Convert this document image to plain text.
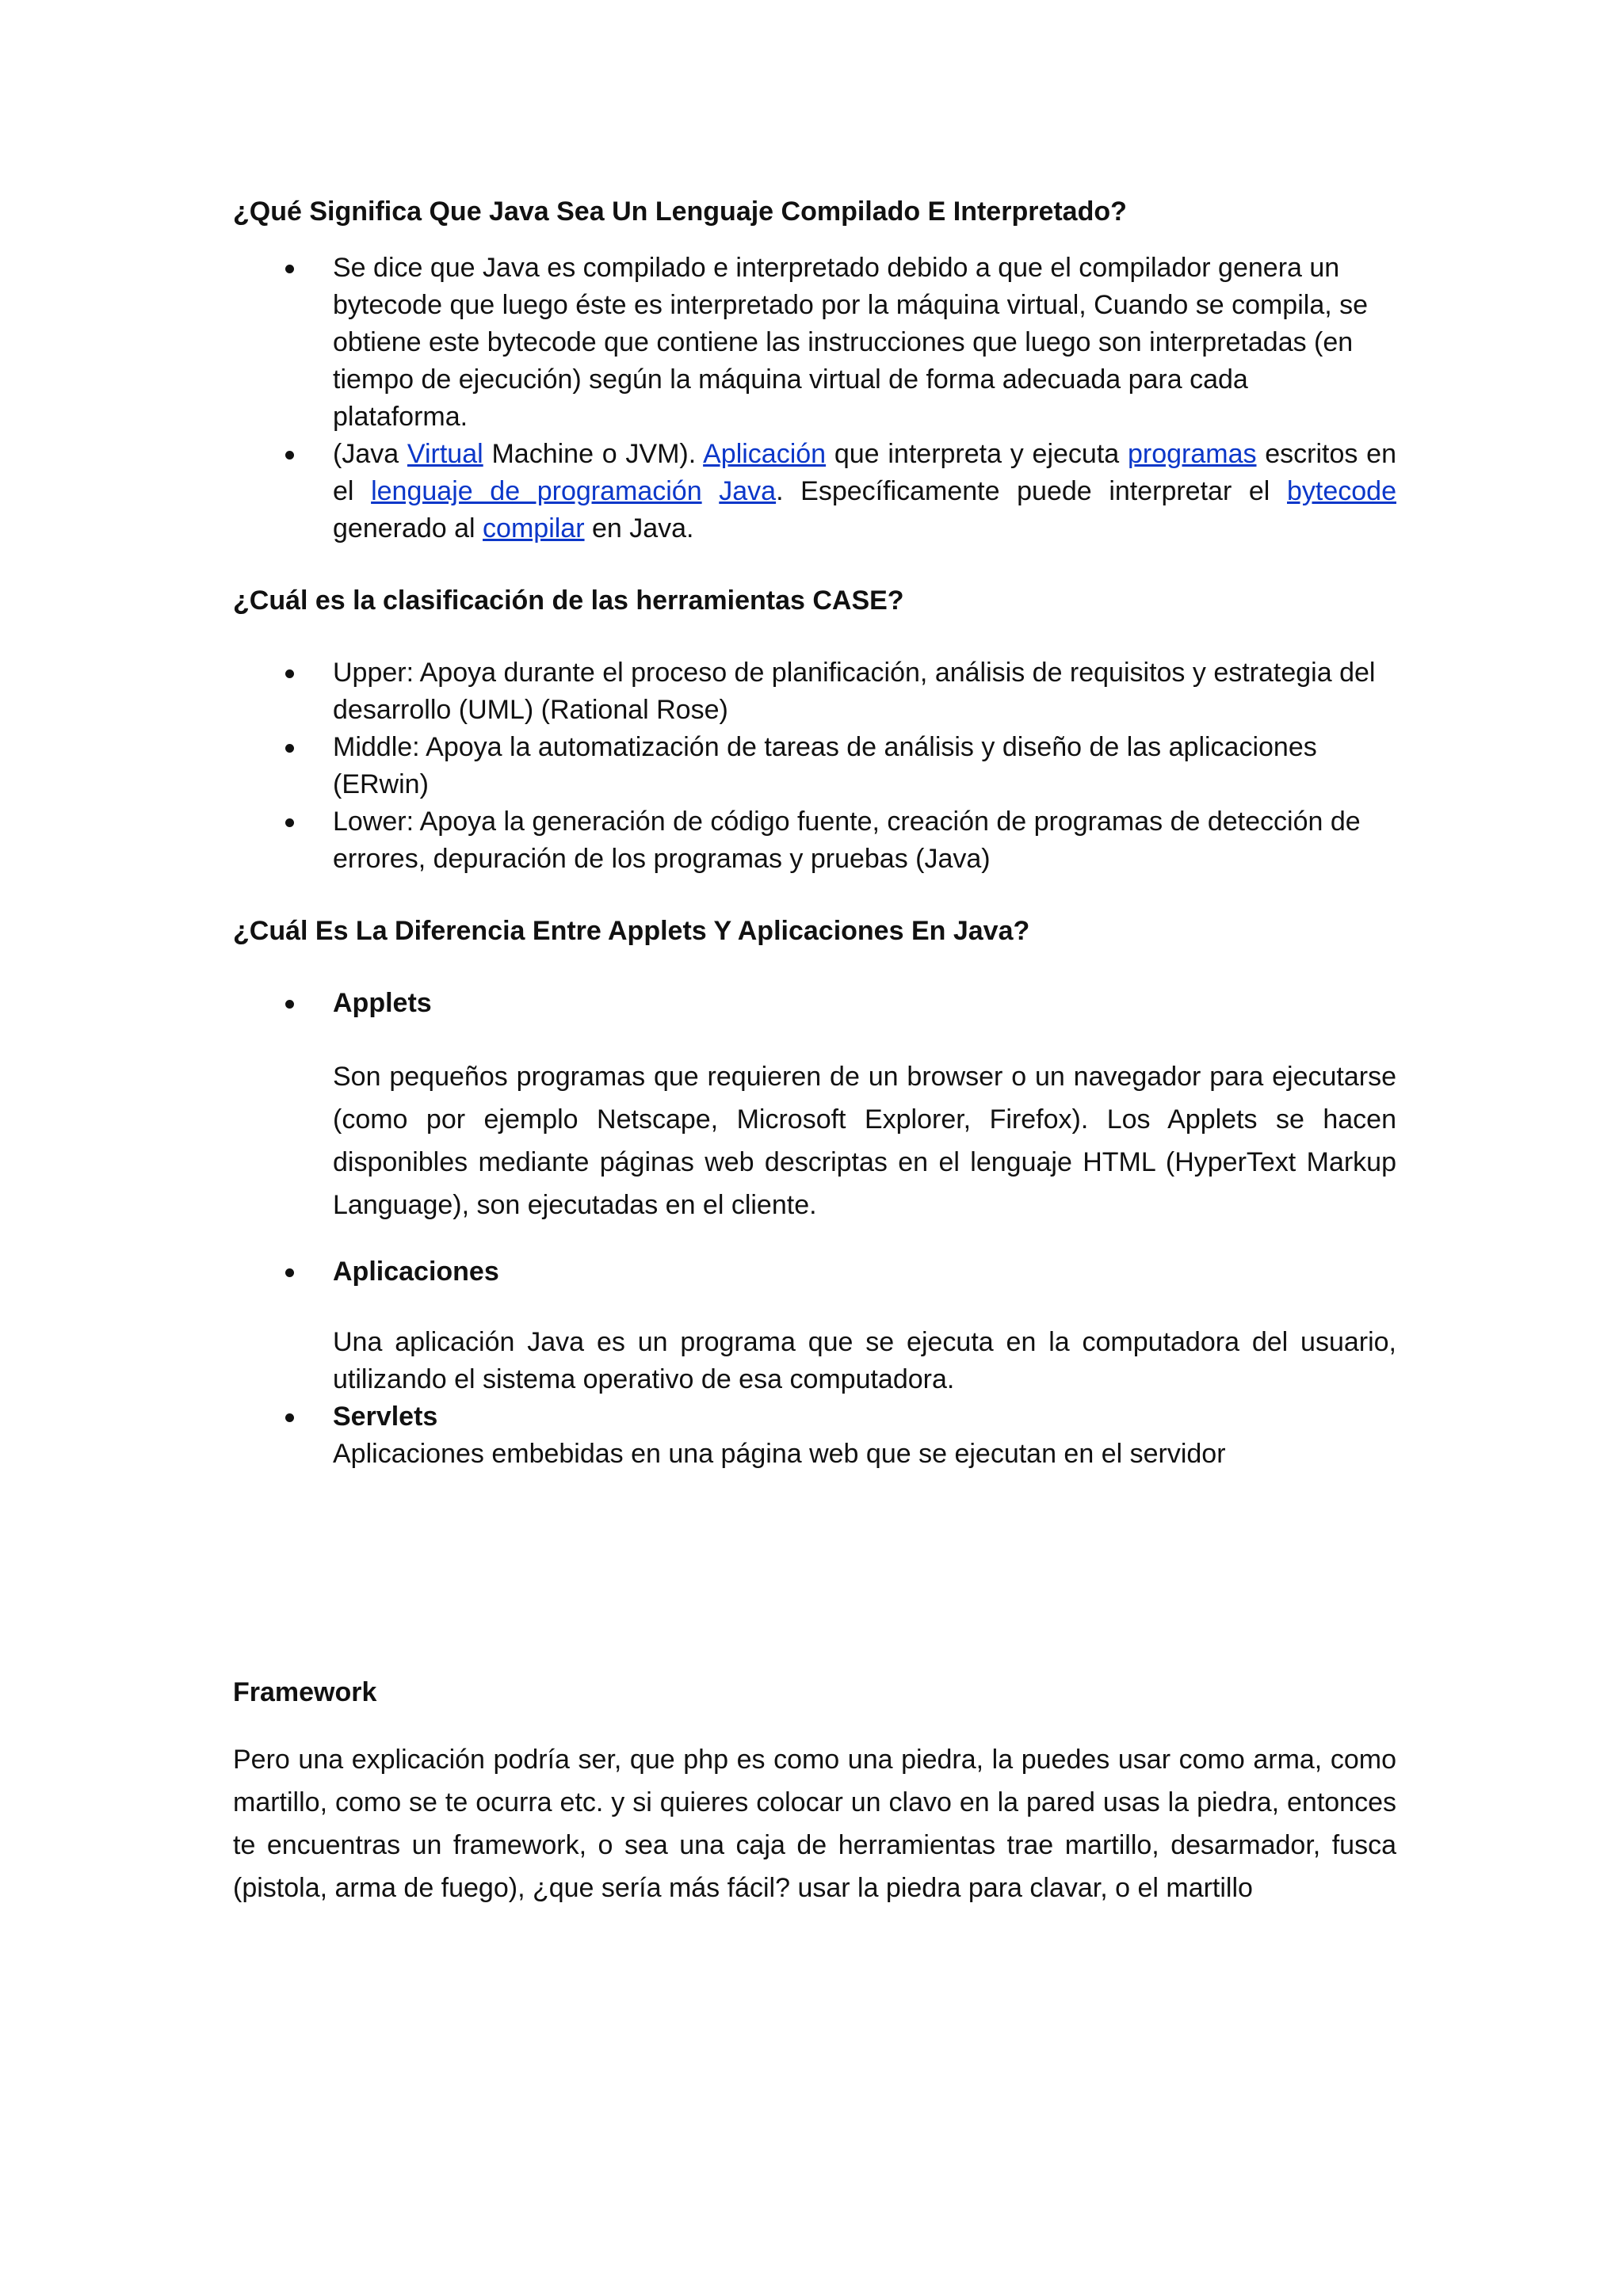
¿Qué Significa Que Java Sea Un Lenguaje Compilado E Interpretado?
Se dice que Java es compilado e interpretado debido a que el compilador genera un bytecode que luego éste es interpretado por la máquina virtual, Cuando se compila, se obtiene este bytecode que contiene las instrucciones que luego son interpretadas (en tiempo de ejecución) según la máquina virtual de forma adecuada para cada plataforma.
(Java Virtual Machine o JVM). Aplicación que interpreta y ejecuta programas escritos en el lenguaje de programación Java. Específicamente puede interpretar el bytecode generado al compilar en Java.
¿Cuál es la clasificación de las herramientas CASE?
Upper: Apoya durante el proceso de planificación, análisis de requisitos y estrategia del desarrollo (UML) (Rational Rose)
Middle: Apoya la automatización de tareas de análisis y diseño de las aplicaciones (ERwin)
Lower: Apoya la generación de código fuente, creación de programas de detección de errores, depuración de los programas y pruebas (Java)
¿Cuál Es La Diferencia Entre Applets Y Aplicaciones En Java?
Applets

Son pequeños programas que requieren de un browser o un navegador para ejecutarse (como por ejemplo Netscape, Microsoft Explorer, Firefox). Los Applets se hacen disponibles mediante páginas web descriptas en el lenguaje HTML (HyperText Markup Language), son ejecutadas en el cliente.

Aplicaciones

Una aplicación Java es un programa que se ejecuta en la computadora del usuario, utilizando el sistema operativo de esa computadora.

Servlets
Aplicaciones embebidas en una página web que se ejecutan en el servidor
Framework

Pero una explicación podría ser, que php es como una piedra, la puedes usar como arma, como martillo, como se te ocurra etc. y si quieres colocar un clavo en la pared usas la piedra, entonces te encuentras un framework, o sea una caja de herramientas trae martillo, desarmador, fusca (pistola, arma de fuego), ¿que sería más fácil? usar la piedra para clavar, o el martillo
